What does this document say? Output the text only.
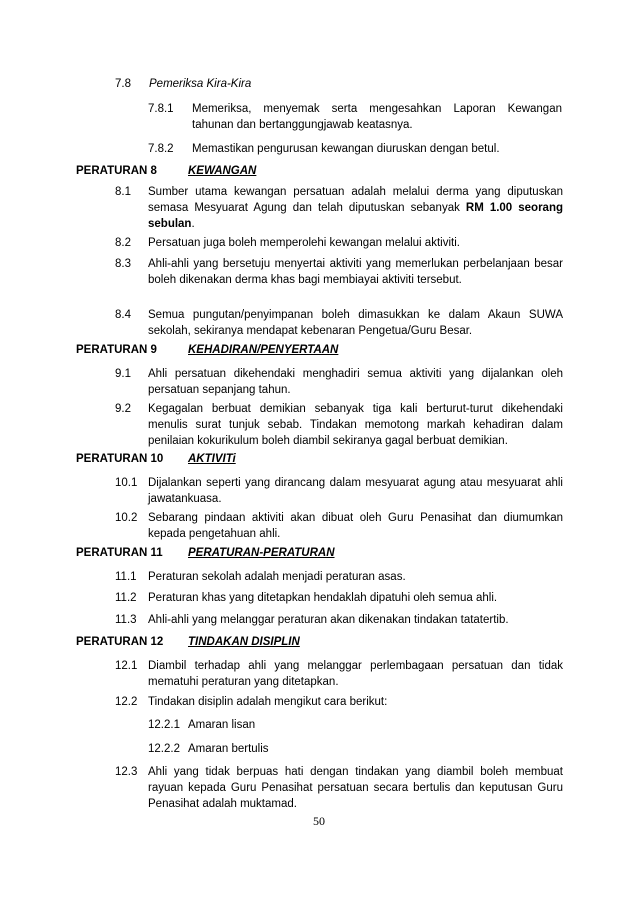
7.8 Pemeriksa Kira-Kira
7.8.1 Memeriksa, menyemak serta mengesahkan Laporan Kewangan tahunan dan bertanggungjawab keatasnya.
7.8.2 Memastikan pengurusan kewangan diuruskan dengan betul.
PERATURAN 8	KEWANGAN
8.1 Sumber utama kewangan persatuan adalah melalui derma yang diputuskan semasa Mesyuarat Agung dan telah diputuskan sebanyak RM 1.00 seorang sebulan.
8.2 Persatuan juga boleh memperolehi kewangan melalui aktiviti.
8.3 Ahli-ahli yang bersetuju menyertai aktiviti yang memerlukan perbelanjaan besar boleh dikenakan derma khas bagi membiayai aktiviti tersebut.
8.4 Semua pungutan/penyimpanan boleh dimasukkan ke dalam Akaun SUWA sekolah, sekiranya mendapat kebenaran Pengetua/Guru Besar.
PERATURAN 9	KEHADIRAN/PENYERTAAN
9.1 Ahli persatuan dikehendaki menghadiri semua aktiviti yang dijalankan oleh persatuan sepanjang tahun.
9.2 Kegagalan berbuat demikian sebanyak tiga kali berturut-turut dikehendaki menulis surat tunjuk sebab. Tindakan memotong markah kehadiran dalam penilaian kokurikulum boleh diambil sekiranya gagal berbuat demikian.
PERATURAN 10 AKTIVITi
10.1 Dijalankan seperti yang dirancang dalam mesyuarat agung atau mesyuarat ahli jawatankuasa.
10.2 Sebarang pindaan aktiviti akan dibuat oleh Guru Penasihat dan diumumkan kepada pengetahuan ahli.
PERATURAN 11 PERATURAN-PERATURAN
11.1 Peraturan sekolah adalah menjadi peraturan asas.
11.2 Peraturan khas yang ditetapkan hendaklah dipatuhi oleh semua ahli.
11.3 Ahli-ahli yang melanggar peraturan akan dikenakan tindakan tatatertib.
PERATURAN 12 TINDAKAN DISIPLIN
12.1 Diambil terhadap ahli yang melanggar perlembagaan persatuan dan tidak mematuhi peraturan yang ditetapkan.
12.2 Tindakan disiplin adalah mengikut cara berikut:
12.2.1 Amaran lisan
12.2.2 Amaran bertulis
12.3 Ahli yang tidak berpuas hati dengan tindakan yang diambil boleh membuat rayuan kepada Guru Penasihat persatuan secara bertulis dan keputusan Guru Penasihat adalah muktamad.
50
